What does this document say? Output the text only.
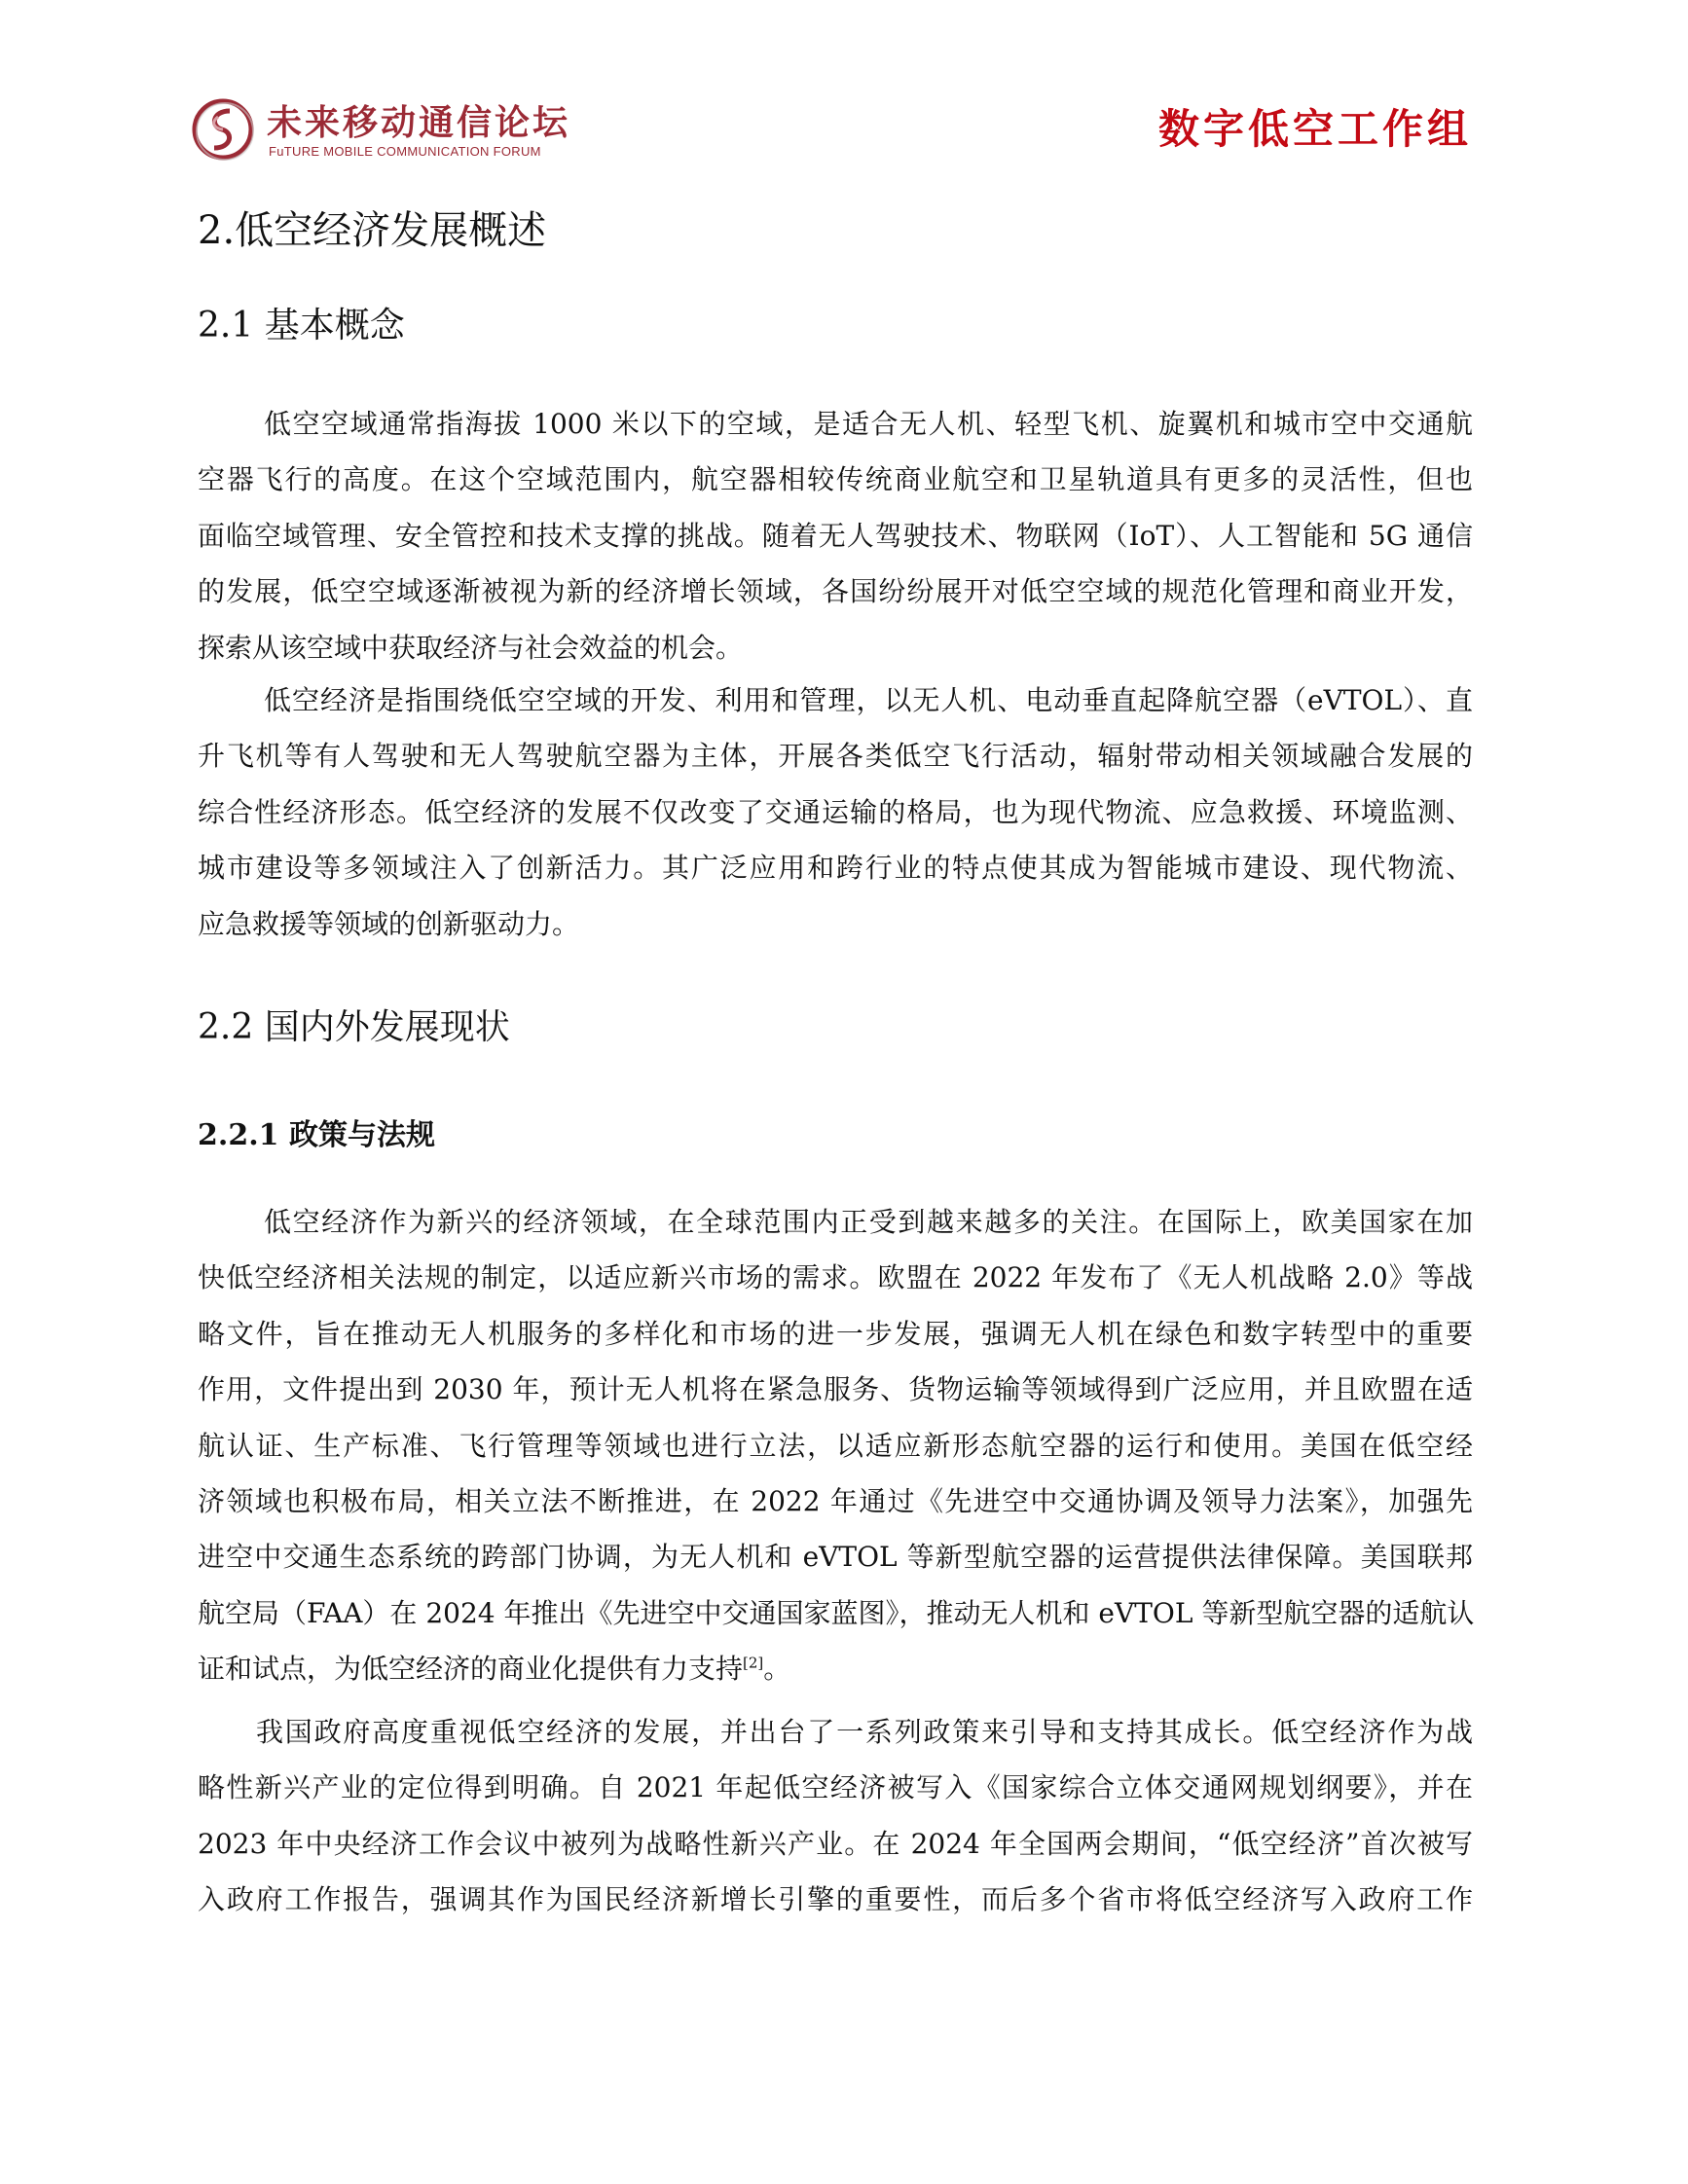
未来移动通信论坛
FuTURE MOBILE COMMUNICATION FORUM	数字低空工作组
2.低空经济发展概述
2.1 基本概念
低空空域通常指海拔 1000 米以下的空域，是适合无人机、轻型飞机、旋翼机和城市空中交通航
空器飞行的高度。在这个空域范围内，航空器相较传统商业航空和卫星轨道具有更多的灵活性，但也
面临空域管理、安全管控和技术支撑的挑战。随着无人驾驶技术、物联网（IoT）、人工智能和 5G 通信
的发展，低空空域逐渐被视为新的经济增长领域，各国纷纷展开对低空空域的规范化管理和商业开发，
探索从该空域中获取经济与社会效益的机会。
低空经济是指围绕低空空域的开发、利用和管理，以无人机、电动垂直起降航空器（eVTOL）、直
升飞机等有人驾驶和无人驾驶航空器为主体，开展各类低空飞行活动，辐射带动相关领域融合发展的
综合性经济形态。低空经济的发展不仅改变了交通运输的格局，也为现代物流、应急救援、环境监测、
城市建设等多领域注入了创新活力。其广泛应用和跨行业的特点使其成为智能城市建设、现代物流、
应急救援等领域的创新驱动力。
2.2 国内外发展现状
2.2.1 政策与法规
低空经济作为新兴的经济领域，在全球范围内正受到越来越多的关注。在国际上，欧美国家在加
快低空经济相关法规的制定，以适应新兴市场的需求。欧盟在 2022 年发布了《无人机战略 2.0》等战
略文件，旨在推动无人机服务的多样化和市场的进一步发展，强调无人机在绿色和数字转型中的重要
作用，文件提出到 2030 年，预计无人机将在紧急服务、货物运输等领域得到广泛应用，并且欧盟在适
航认证、生产标准、飞行管理等领域也进行立法，以适应新形态航空器的运行和使用。美国在低空经
济领域也积极布局，相关立法不断推进，在 2022 年通过《先进空中交通协调及领导力法案》，加强先
进空中交通生态系统的跨部门协调，为无人机和 eVTOL 等新型航空器的运营提供法律保障。美国联邦
航空局（FAA）在 2024 年推出《先进空中交通国家蓝图》，推动无人机和 eVTOL 等新型航空器的适航认
证和试点，为低空经济的商业化提供有力支持[2]。
我国政府高度重视低空经济的发展，并出台了一系列政策来引导和支持其成长。低空经济作为战
略性新兴产业的定位得到明确。自 2021 年起低空经济被写入《国家综合立体交通网规划纲要》，并在
2023 年中央经济工作会议中被列为战略性新兴产业。在 2024 年全国两会期间，“低空经济”首次被写
入政府工作报告，强调其作为国民经济新增长引擎的重要性，而后多个省市将低空经济写入政府工作
